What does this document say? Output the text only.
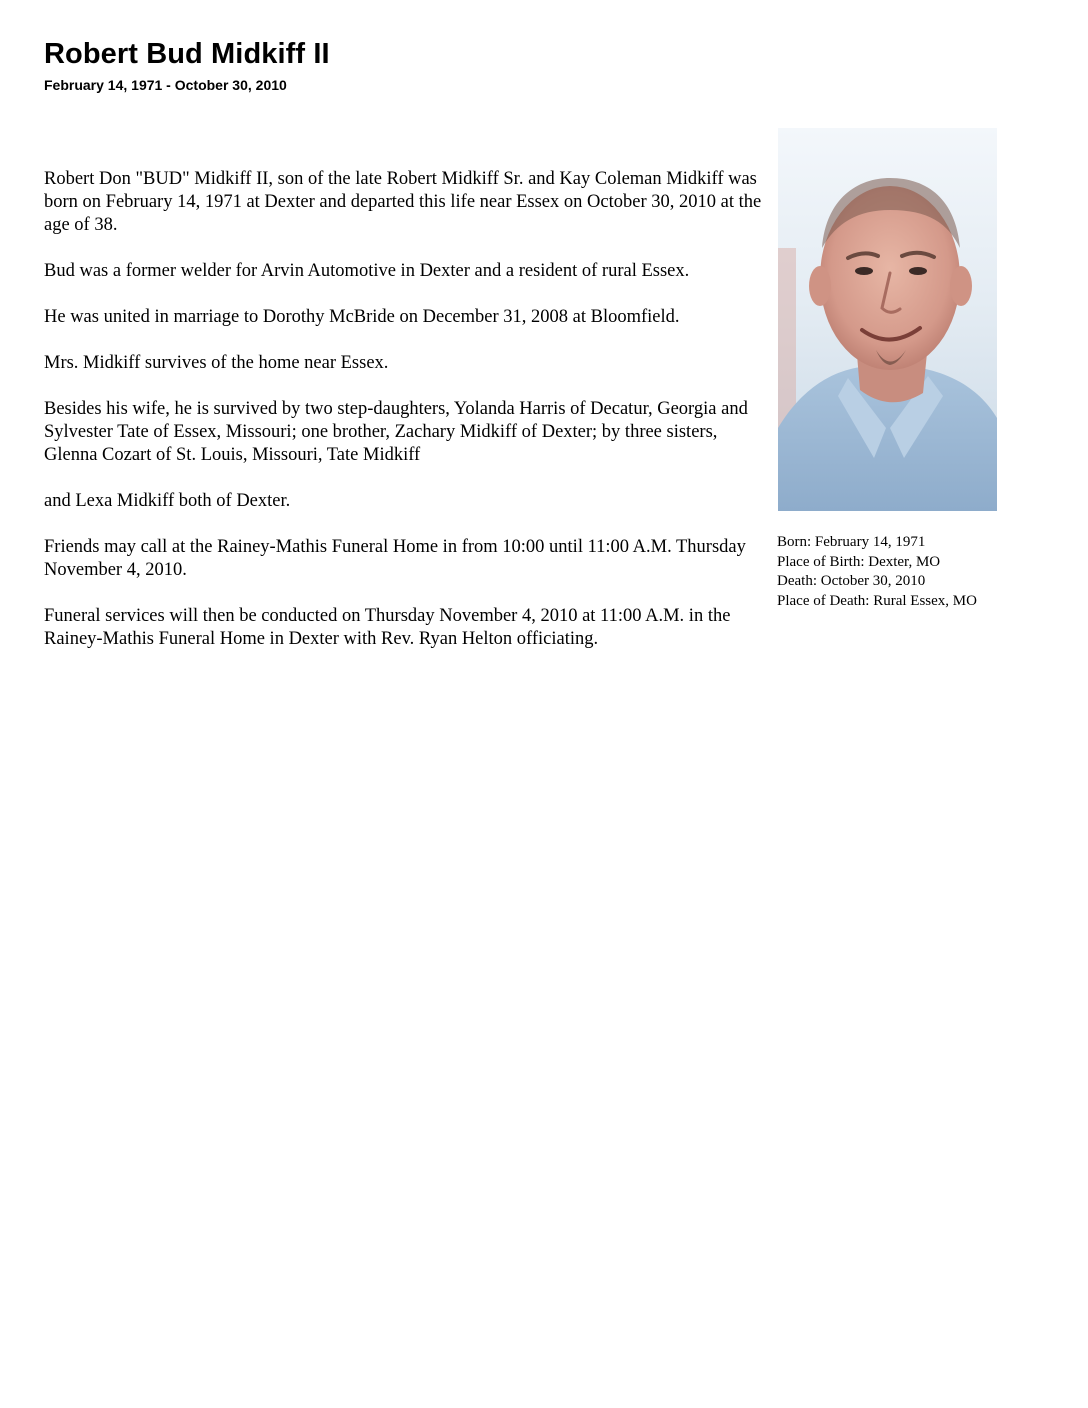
Robert Bud Midkiff II
February 14, 1971 - October 30, 2010

Robert Don "BUD" Midkiff II, son of the late Robert Midkiff Sr. and Kay Coleman Midkiff was born on February 14, 1971 at Dexter and departed this life near Essex on October 30, 2010 at the age of 38.

Bud was a former welder for Arvin Automotive in Dexter and a resident of rural Essex.

He was united in marriage to Dorothy McBride on December 31, 2008 at Bloomfield.

Mrs. Midkiff survives of the home near Essex.

Besides his wife, he is survived by two step-daughters, Yolanda Harris of Decatur, Georgia and Sylvester Tate of Essex, Missouri; one brother, Zachary Midkiff of Dexter; by three sisters, Glenna Cozart of St. Louis, Missouri, Tate Midkiff

and Lexa Midkiff both of Dexter.

Friends may call at the Rainey-Mathis Funeral Home in from 10:00 until 11:00 A.M. Thursday November 4, 2010.

Funeral services will then be conducted on Thursday November 4, 2010 at 11:00 A.M. in the Rainey-Mathis Funeral Home in Dexter with Rev. Ryan Helton officiating.

Born: February 14, 1971
Place of Birth: Dexter, MO
Death: October 30, 2010
Place of Death: Rural Essex, MO
